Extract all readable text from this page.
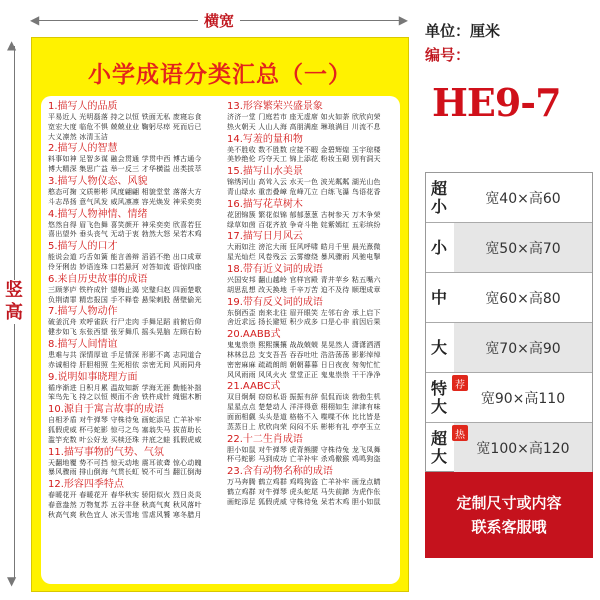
◀	▶
横宽
▲
▼
竖高
小学成语分类汇总（一）
1.描写人的品质
平易近人 光明磊落 持之以恒 铁面无私 废寝忘食
宽宏大度 临危不惧 兢兢业业 鞠躬尽瘁 死而后已
大义凛然 冰清玉洁
2.描写人的智慧
料事如神 足智多谋 融会贯通 学贯中西 博古通今
博大精深 集思广益 举一反三 才华横溢 出类拔萃
3.描写人物仪态、风貌
憨态可掬 文质彬彬 风度翩翩 相貌堂堂 落落大方
斗志昂扬 意气风发 威风凛凛 容光焕发 神采奕奕
4.描写人物神情、情绪
悠然自得 眉飞色舞 喜笑颜开 神采奕奕 欣喜若狂
喜出望外 垂头丧气 无动于衷 勃然大怒 呆若木鸡
5.描写人的口才
能说会道 巧舌如簧 能言善辩 滔滔不绝 出口成章
伶牙俐齿 妙语连珠 口若悬河 对答如流 语惊四座
6.来自历史故事的成语
三顾茅庐 铁杵成针 望梅止渴 完璧归赵 四面楚歌
负荆请罪 精忠报国 手不释卷 悬梁刺股 凿壁偷光
7.描写人物动作
破釜沉舟 欢呼雀跃 行尸走肉 手舞足蹈 前俯后仰
健步如飞 东张西望 张牙舞爪 摇头晃脑 左顾右盼
8.描写人间情谊
患难与共 深情厚谊 手足情深 形影不离 志同道合
赤诚相待 肝胆相照 生死相依 亲密无间 风雨同舟
9.说明如事晓理方面
循序渐进 日积月累 温故知新 学海无涯 勤能补拙
笨鸟先飞 持之以恒 锲而不舍 铁杵成针 绳锯木断
10.源自于寓言故事的成语
自相矛盾 对牛弹琴 守株待兔 画蛇添足 亡羊补牢
狐假虎威 杯弓蛇影 惊弓之鸟 塞翁失马 拔苗助长
滥竽充数 叶公好龙 买椟还珠 井底之蛙 狐假虎威
11.描写事物的气势、气氛
天翻地覆 势不可挡 惊天动地 震耳欲聋 惊心动魄
暴风骤雨 排山倒海 气贯长虹 锐不可当 翻江倒海
12.形容四季特点
春暖花开 春暖花开 春华秋实 骄阳似火 烈日炎炎
春意盎然 万物复苏 五谷丰登 秋高气爽 秋风落叶
秋高气爽 秋色宜人 冰天雪地 雪虐风饕 寒冬腊月
13.形容繁荣兴盛景象
济济一堂 门庭若市 座无虚席 如火如荼 欣欣向荣
热火朝天 人山人海 高朋满座 琳琅满目 川流不息
14.写羞的量和物
美不胜收 数不胜数 应接不暇 金碧辉煌 玉宇琼楼
美妙绝伦 巧夺天工 锦上添花 粉妆玉砌 别有洞天
15.描写山水美景
锦绣河山 高耸入云 水天一色 波光粼粼 湖光山色
青山绿水 重峦叠嶂 危峰兀立 白练飞瀑 鸟语花香
16.描写花草树木
花团锦簇 繁花似锦 郁郁葱葱 古树参天 万木争荣
绿草如茵 百花齐放 争奇斗艳 姹紫嫣红 五彩缤纷
17.描写日月风云
大雨如注 滂沱大雨 狂风呼啸 皓月千里 晨光熹微
星光灿烂 风卷残云 云雾缭绕 暴风骤雨 风驰电掣
18.带有近义词的成语
兴国安邦 翻山越岭 官样宫殿 青井苹乡 粘五嘴六
胡思乱想 改天换地 千辛万苦 迫不及待 顺理成章
19.带有反义词的成语
东倒西歪 南来北往 眉开眼笑 左邻右舍 承上启下
舍近求远 扬长避短 积少成多 口是心非 前因后果
20.AABB式
鬼鬼祟祟 熙熙攘攘 战战兢兢 晃晃然人 潇潇洒洒
林林总总 支支吾吾 吞吞吐吐 浩浩荡荡 影影绰绰
密密麻麻 疏疏朗朗 朝朝暮暮 日日夜夜 匆匆忙忙
风风雨雨 风风火火 堂堂正正 鬼鬼祟祟 干干净净
21.AABC式
双目炯炯 窃窃私语 振振有辞 侃侃而谈 勃勃生机
星星点点 楚楚动人 洋洋得意 栩栩如生 津津有味
面面相觑 头头是道 格格不入 喋喋不休 比比皆是
蒸蒸日上 欣欣向荣 闷闷不乐 彬彬有礼 亭亭玉立
22.十二生肖成语
胆小如鼠 对牛弹琴 虎背熊腰 守株待兔 龙飞凤舞
杯弓蛇影 马到成功 亡羊补牢 杀鸡儆猴 鸡鸣狗盗
23.含有动物名称的成语
万马奔腾 鹤立鸡群 鸡鸣狗盗 亡羊补牢 画龙点睛
鹤立鸡群 对牛弹琴 虎头蛇尾 马失前蹄 为虎作伥
画蛇添足 狐假虎威 守株待兔 呆若木鸡 胆小如鼠
单位：厘米
编号：
HE9-7
超小	宽40×高60
小	宽50×高70
中	宽60×高80
大	宽70×高90
特大	宽90×高110
荐
超大	宽100×高120
热
定制尺寸或内容
联系客服哦
